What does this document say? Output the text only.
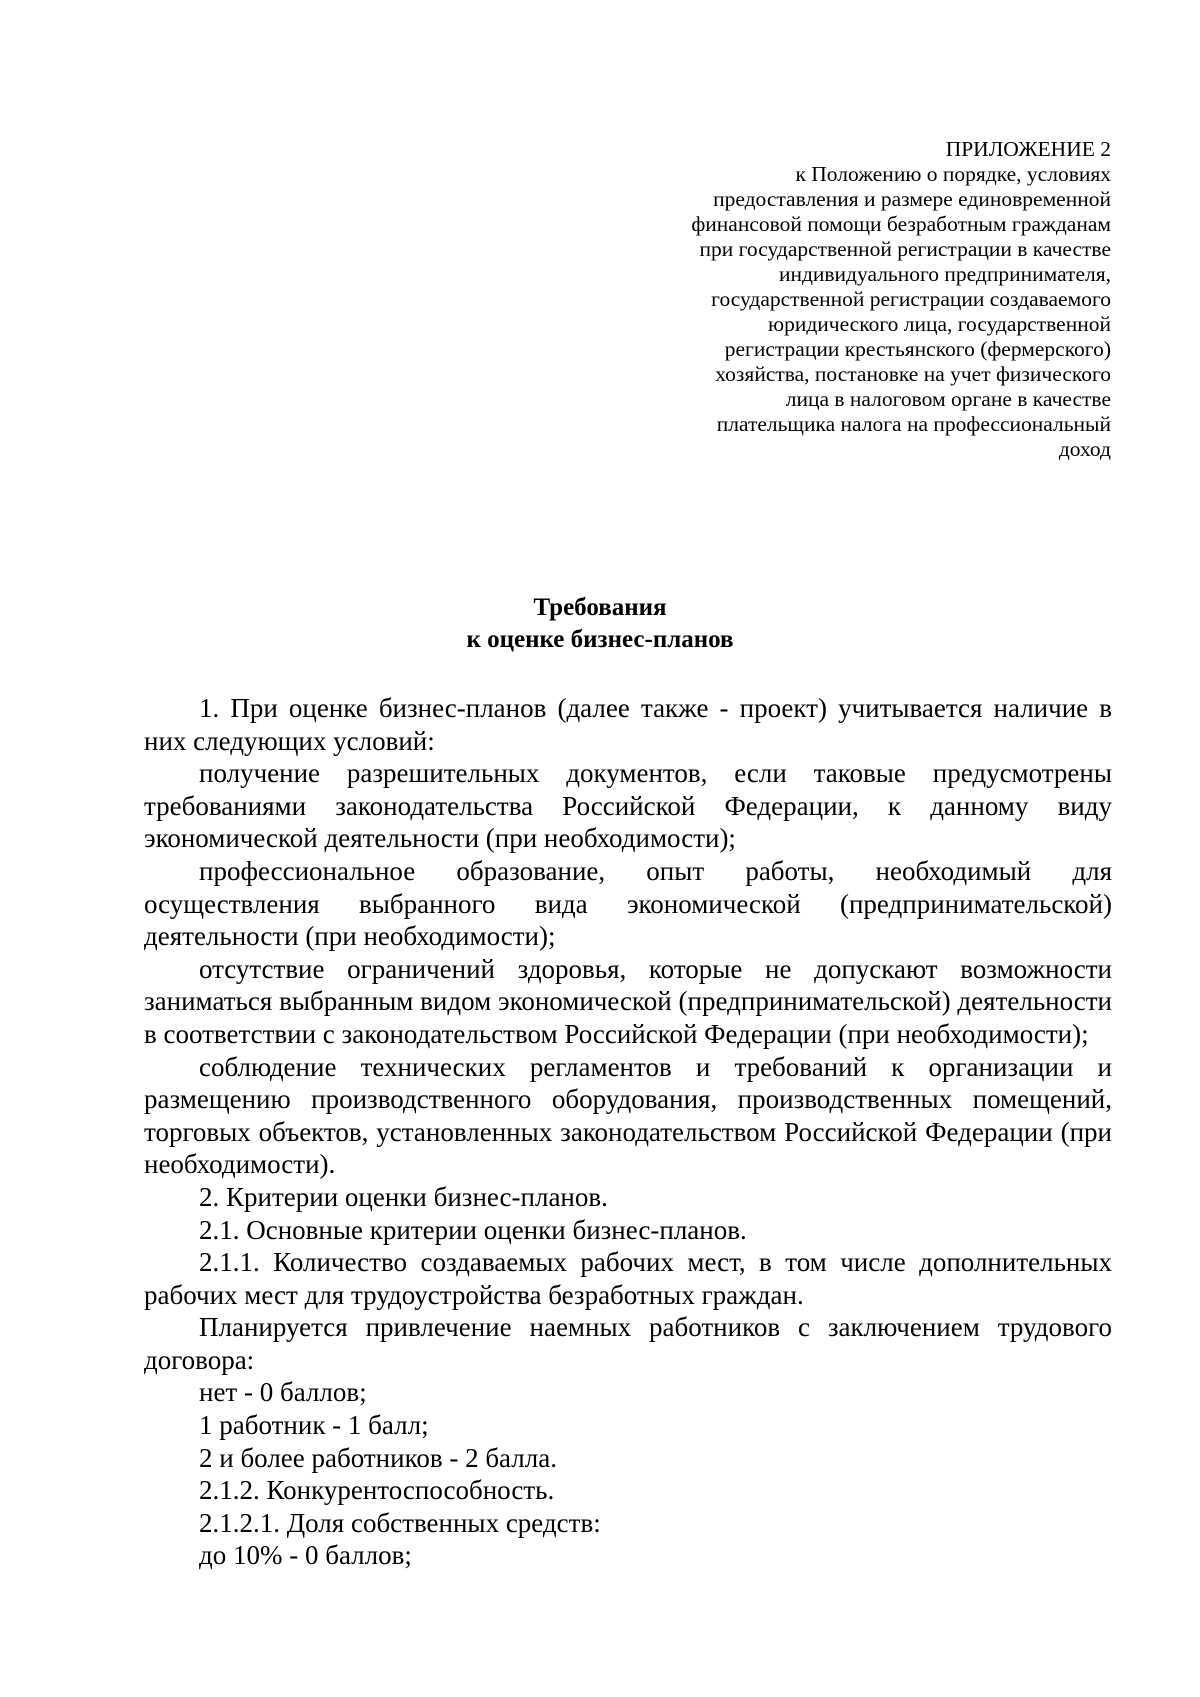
ПРИЛОЖЕНИЕ 2
к Положению о порядке, условиях
предоставления и размере единовременной
финансовой помощи безработным гражданам
при государственной регистрации в качестве
индивидуального предпринимателя,
государственной регистрации создаваемого
юридического лица, государственной
регистрации крестьянского (фермерского)
хозяйства, постановке на учет физического
лица в налоговом органе в качестве
плательщика налога на профессиональный
доход
Требования
к оценке бизнес-планов

1. При оценке бизнес-планов (далее также - проект) учитывается наличие в них следующих условий:

получение разрешительных документов, если таковые предусмотрены требованиями законодательства Российской Федерации, к данному виду экономической деятельности (при необходимости);

профессиональное образование, опыт работы, необходимый для осуществления выбранного вида экономической (предпринимательской) деятельности (при необходимости);

отсутствие ограничений здоровья, которые не допускают возможности заниматься выбранным видом экономической (предпринимательской) деятельности в соответствии с законодательством Российской Федерации (при необходимости);

соблюдение технических регламентов и требований к организации и размещению производственного оборудования, производственных помещений, торговых объектов, установленных законодательством Российской Федерации (при необходимости).

2. Критерии оценки бизнес-планов.

2.1. Основные критерии оценки бизнес-планов.

2.1.1. Количество создаваемых рабочих мест, в том числе дополнительных рабочих мест для трудоустройства безработных граждан.

Планируется привлечение наемных работников с заключением трудового договора:

нет - 0 баллов;

1 работник - 1 балл;

2 и более работников - 2 балла.

2.1.2. Конкурентоспособность.

2.1.2.1. Доля собственных средств:

до 10% - 0 баллов;
